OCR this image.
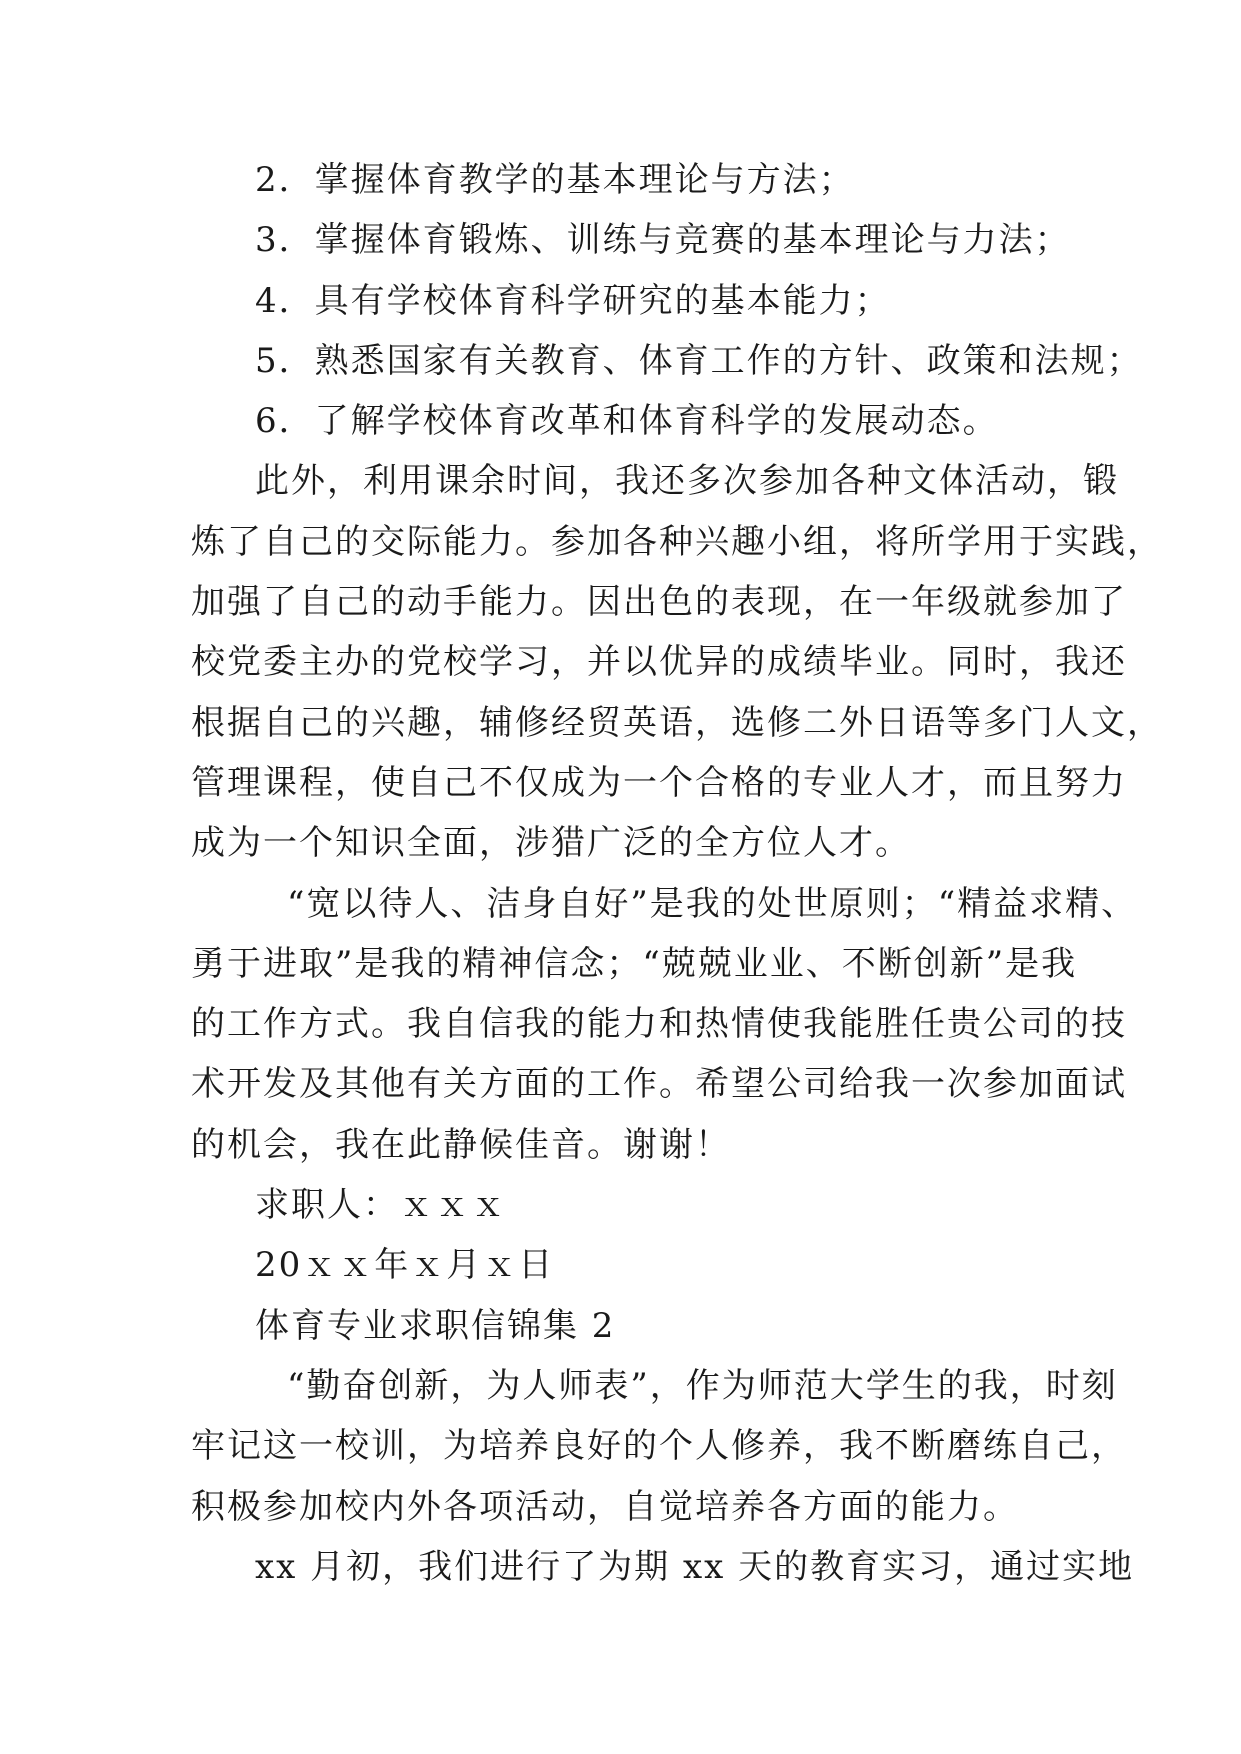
2．掌握体育教学的基本理论与方法；
3．掌握体育锻炼、训练与竞赛的基本理论与力法；
4．具有学校体育科学研究的基本能力；
5．熟悉国家有关教育、体育工作的方针、政策和法规；
6．了解学校体育改革和体育科学的发展动态。
此外，利用课余时间，我还多次参加各种文体活动，锻
炼了自己的交际能力。参加各种兴趣小组，将所学用于实践，
加强了自己的动手能力。因出色的表现，在一年级就参加了
校党委主办的党校学习，并以优异的成绩毕业。同时，我还
根据自己的兴趣，辅修经贸英语，选修二外日语等多门人文，
管理课程，使自己不仅成为一个合格的专业人才，而且努力
成为一个知识全面，涉猎广泛的全方位人才。
“宽以待人、洁身自好”是我的处世原则；“精益求精、
勇于进取”是我的精神信念；“兢兢业业、不断创新”是我
的工作方式。我自信我的能力和热情使我能胜任贵公司的技
术开发及其他有关方面的工作。希望公司给我一次参加面试
的机会，我在此静候佳音。谢谢！
求职人：ｘｘｘ
20ｘｘ年ｘ月ｘ日
体育专业求职信锦集 2
“勤奋创新，为人师表”，作为师范大学生的我，时刻
牢记这一校训，为培养良好的个人修养，我不断磨练自己，
积极参加校内外各项活动，自觉培养各方面的能力。
xx 月初，我们进行了为期 xx 天的教育实习，通过实地
